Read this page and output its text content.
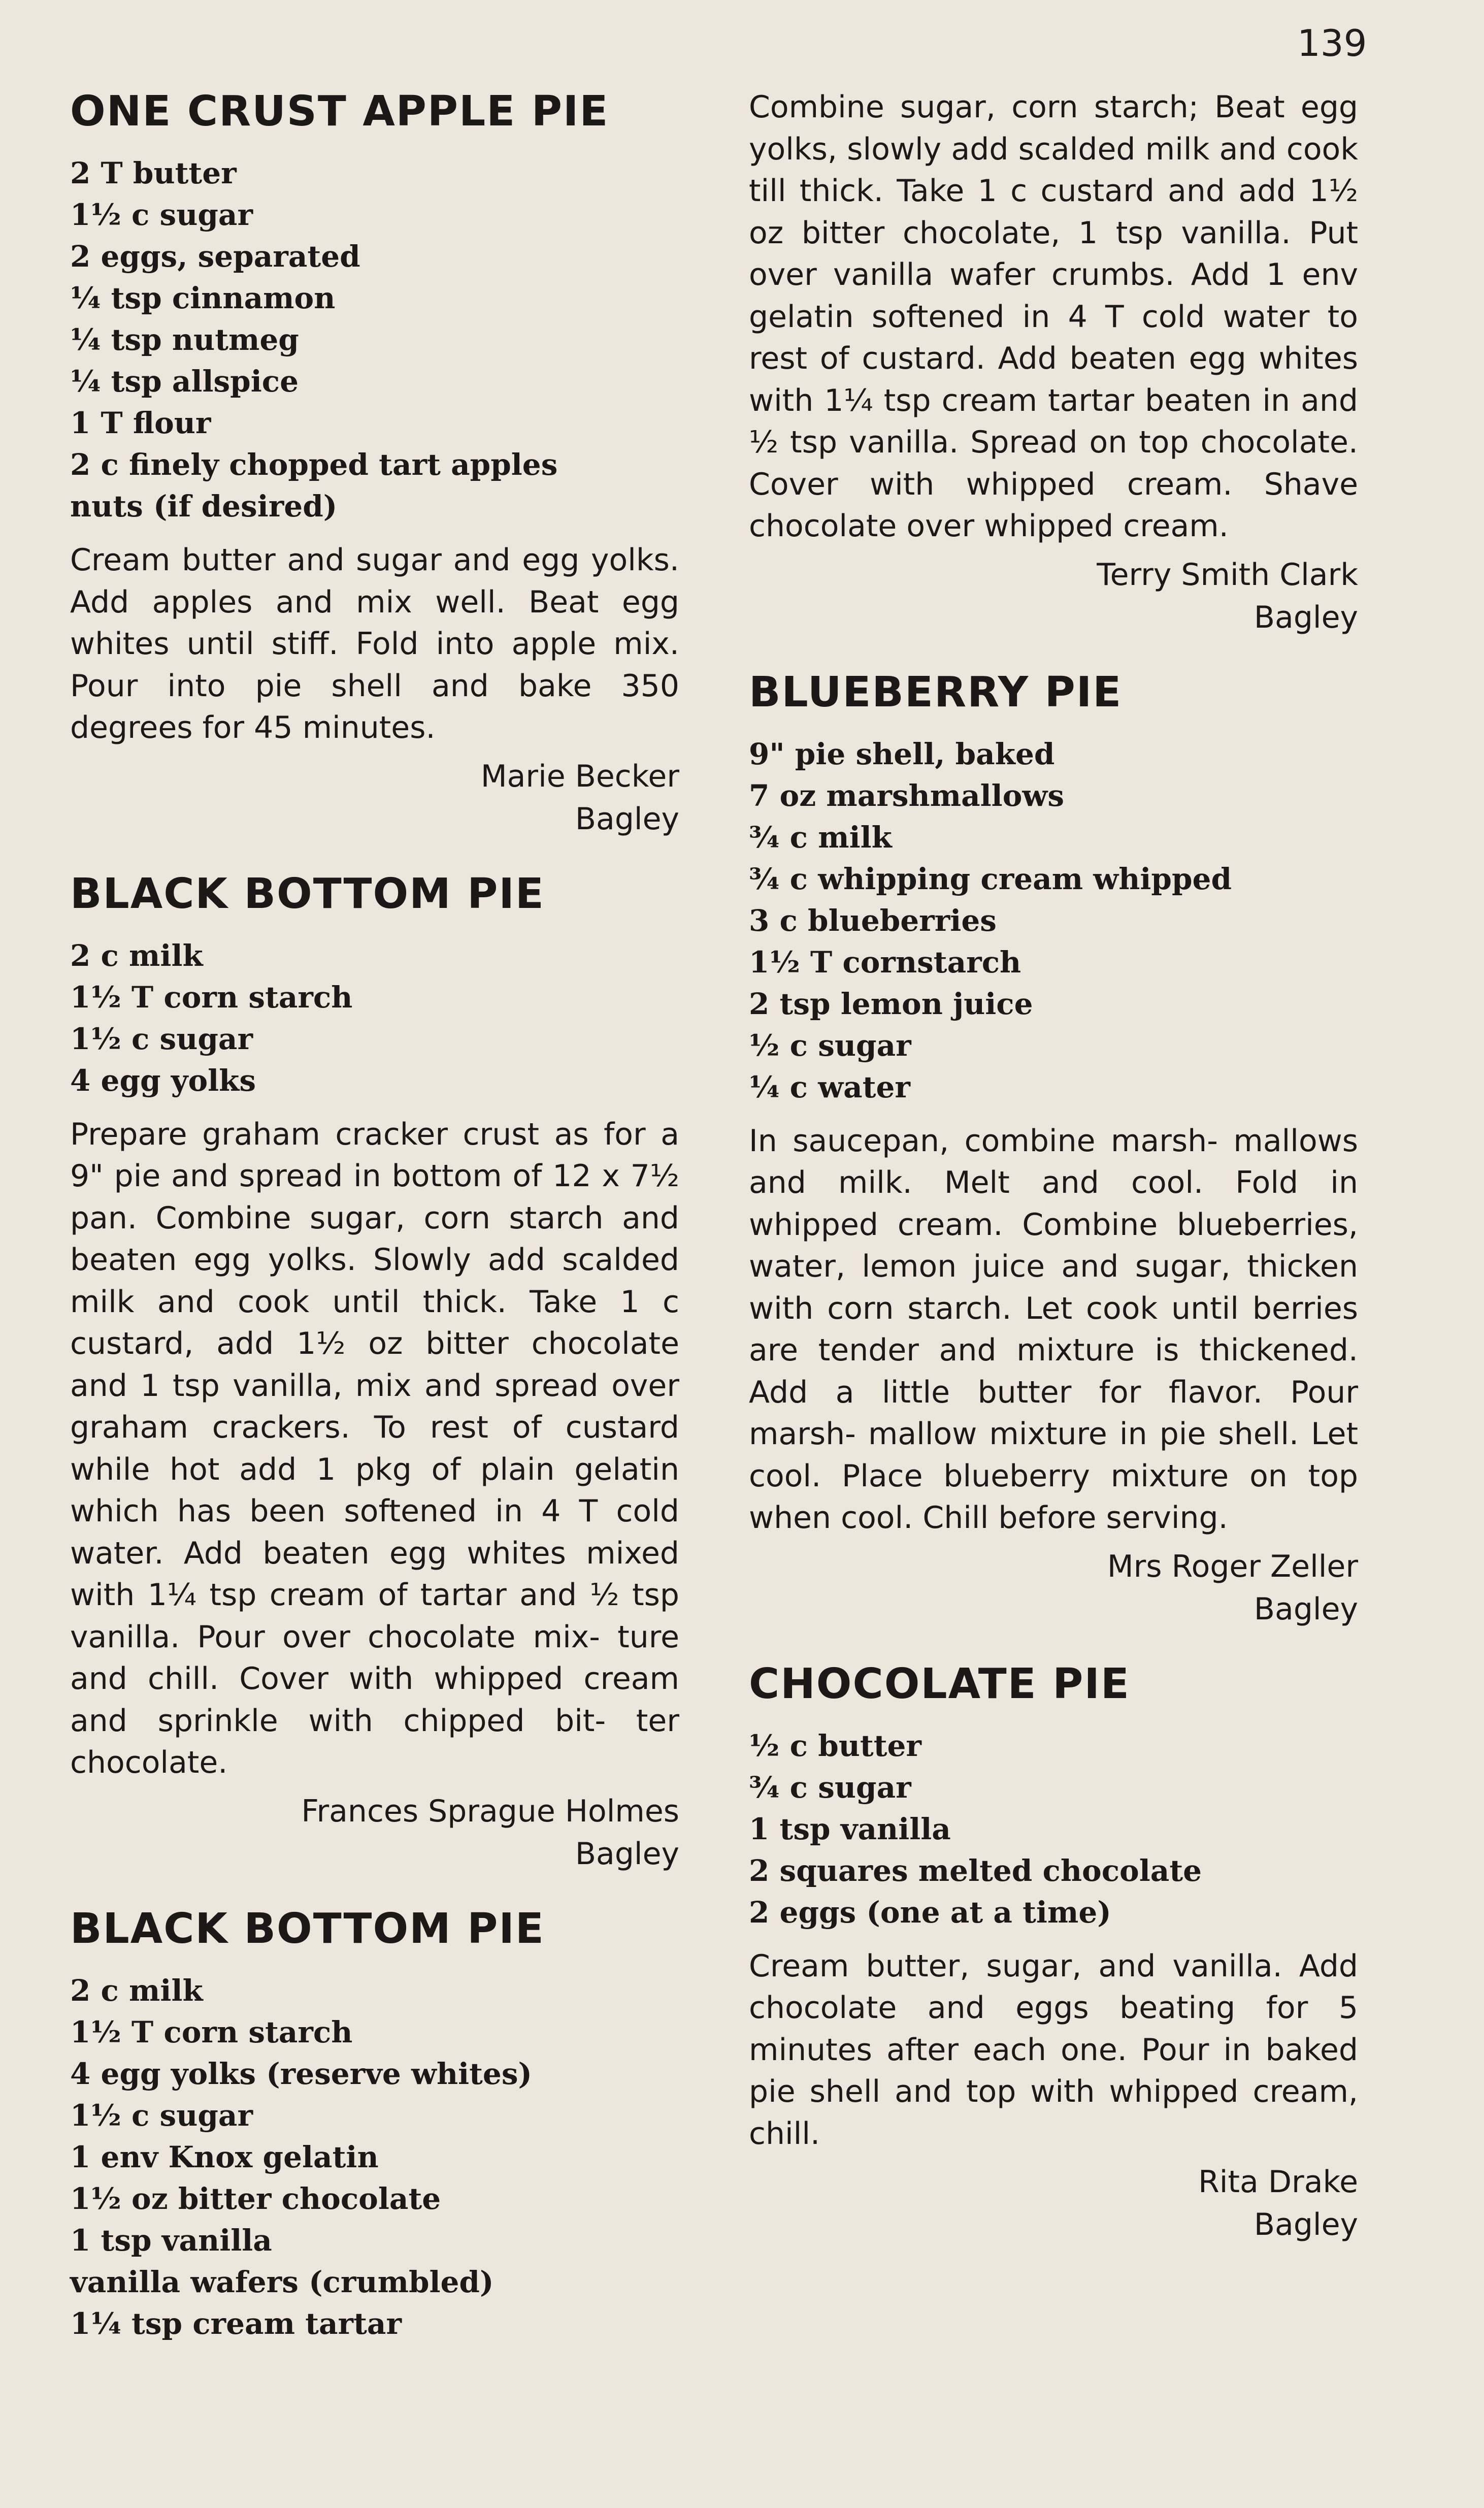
139
ONE CRUST APPLE PIE
2 T butter
1½ c sugar
2 eggs, separated
¼ tsp cinnamon
¼ tsp nutmeg
¼ tsp allspice
1 T flour
2 c finely chopped tart apples
nuts (if desired)
Cream butter and sugar and egg yolks. Add apples and mix well. Beat egg whites until stiff. Fold into apple mix. Pour into pie shell and bake 350 degrees for 45 minutes.
Marie Becker
Bagley
BLACK BOTTOM PIE
2 c milk
1½ T corn starch
1½ c sugar
4 egg yolks
Prepare graham cracker crust as for a 9" pie and spread in bottom of 12 x 7½ pan. Combine sugar, corn starch and beaten egg yolks. Slowly add scalded milk and cook until thick. Take 1 c custard, add 1½ oz bitter chocolate and 1 tsp vanilla, mix and spread over graham crackers. To rest of custard while hot add 1 pkg of plain gelatin which has been softened in 4 T cold water. Add beaten egg whites mixed with 1¼ tsp cream of tartar and ½ tsp vanilla. Pour over chocolate mix- ture and chill. Cover with whipped cream and sprinkle with chipped bit- ter chocolate.
Frances Sprague Holmes
Bagley
BLACK BOTTOM PIE
2 c milk
1½ T corn starch
4 egg yolks (reserve whites)
1½ c sugar
1 env Knox gelatin
1½ oz bitter chocolate
1 tsp vanilla
vanilla wafers (crumbled)
1¼ tsp cream tartar
Combine sugar, corn starch; Beat egg yolks, slowly add scalded milk and cook till thick. Take 1 c custard and add 1½ oz bitter chocolate, 1 tsp vanilla. Put over vanilla wafer crumbs. Add 1 env gelatin softened in 4 T cold water to rest of custard. Add beaten egg whites with 1¼ tsp cream tartar beaten in and ½ tsp vanilla. Spread on top chocolate. Cover with whipped cream. Shave chocolate over whipped cream.
Terry Smith Clark
Bagley
BLUEBERRY PIE
9" pie shell, baked
7 oz marshmallows
¾ c milk
¾ c whipping cream whipped
3 c blueberries
1½ T cornstarch
2 tsp lemon juice
½ c sugar
¼ c water
In saucepan, combine marsh- mallows and milk. Melt and cool. Fold in whipped cream. Combine blueberries, water, lemon juice and sugar, thicken with corn starch. Let cook until berries are tender and mixture is thickened. Add a little butter for flavor. Pour marsh- mallow mixture in pie shell. Let cool. Place blueberry mixture on top when cool. Chill before serving.
Mrs Roger Zeller
Bagley
CHOCOLATE PIE
½ c butter
¾ c sugar
1 tsp vanilla
2 squares melted chocolate
2 eggs (one at a time)
Cream butter, sugar, and vanilla. Add chocolate and eggs beating for 5 minutes after each one. Pour in baked pie shell and top with whipped cream, chill.
Rita Drake
Bagley
